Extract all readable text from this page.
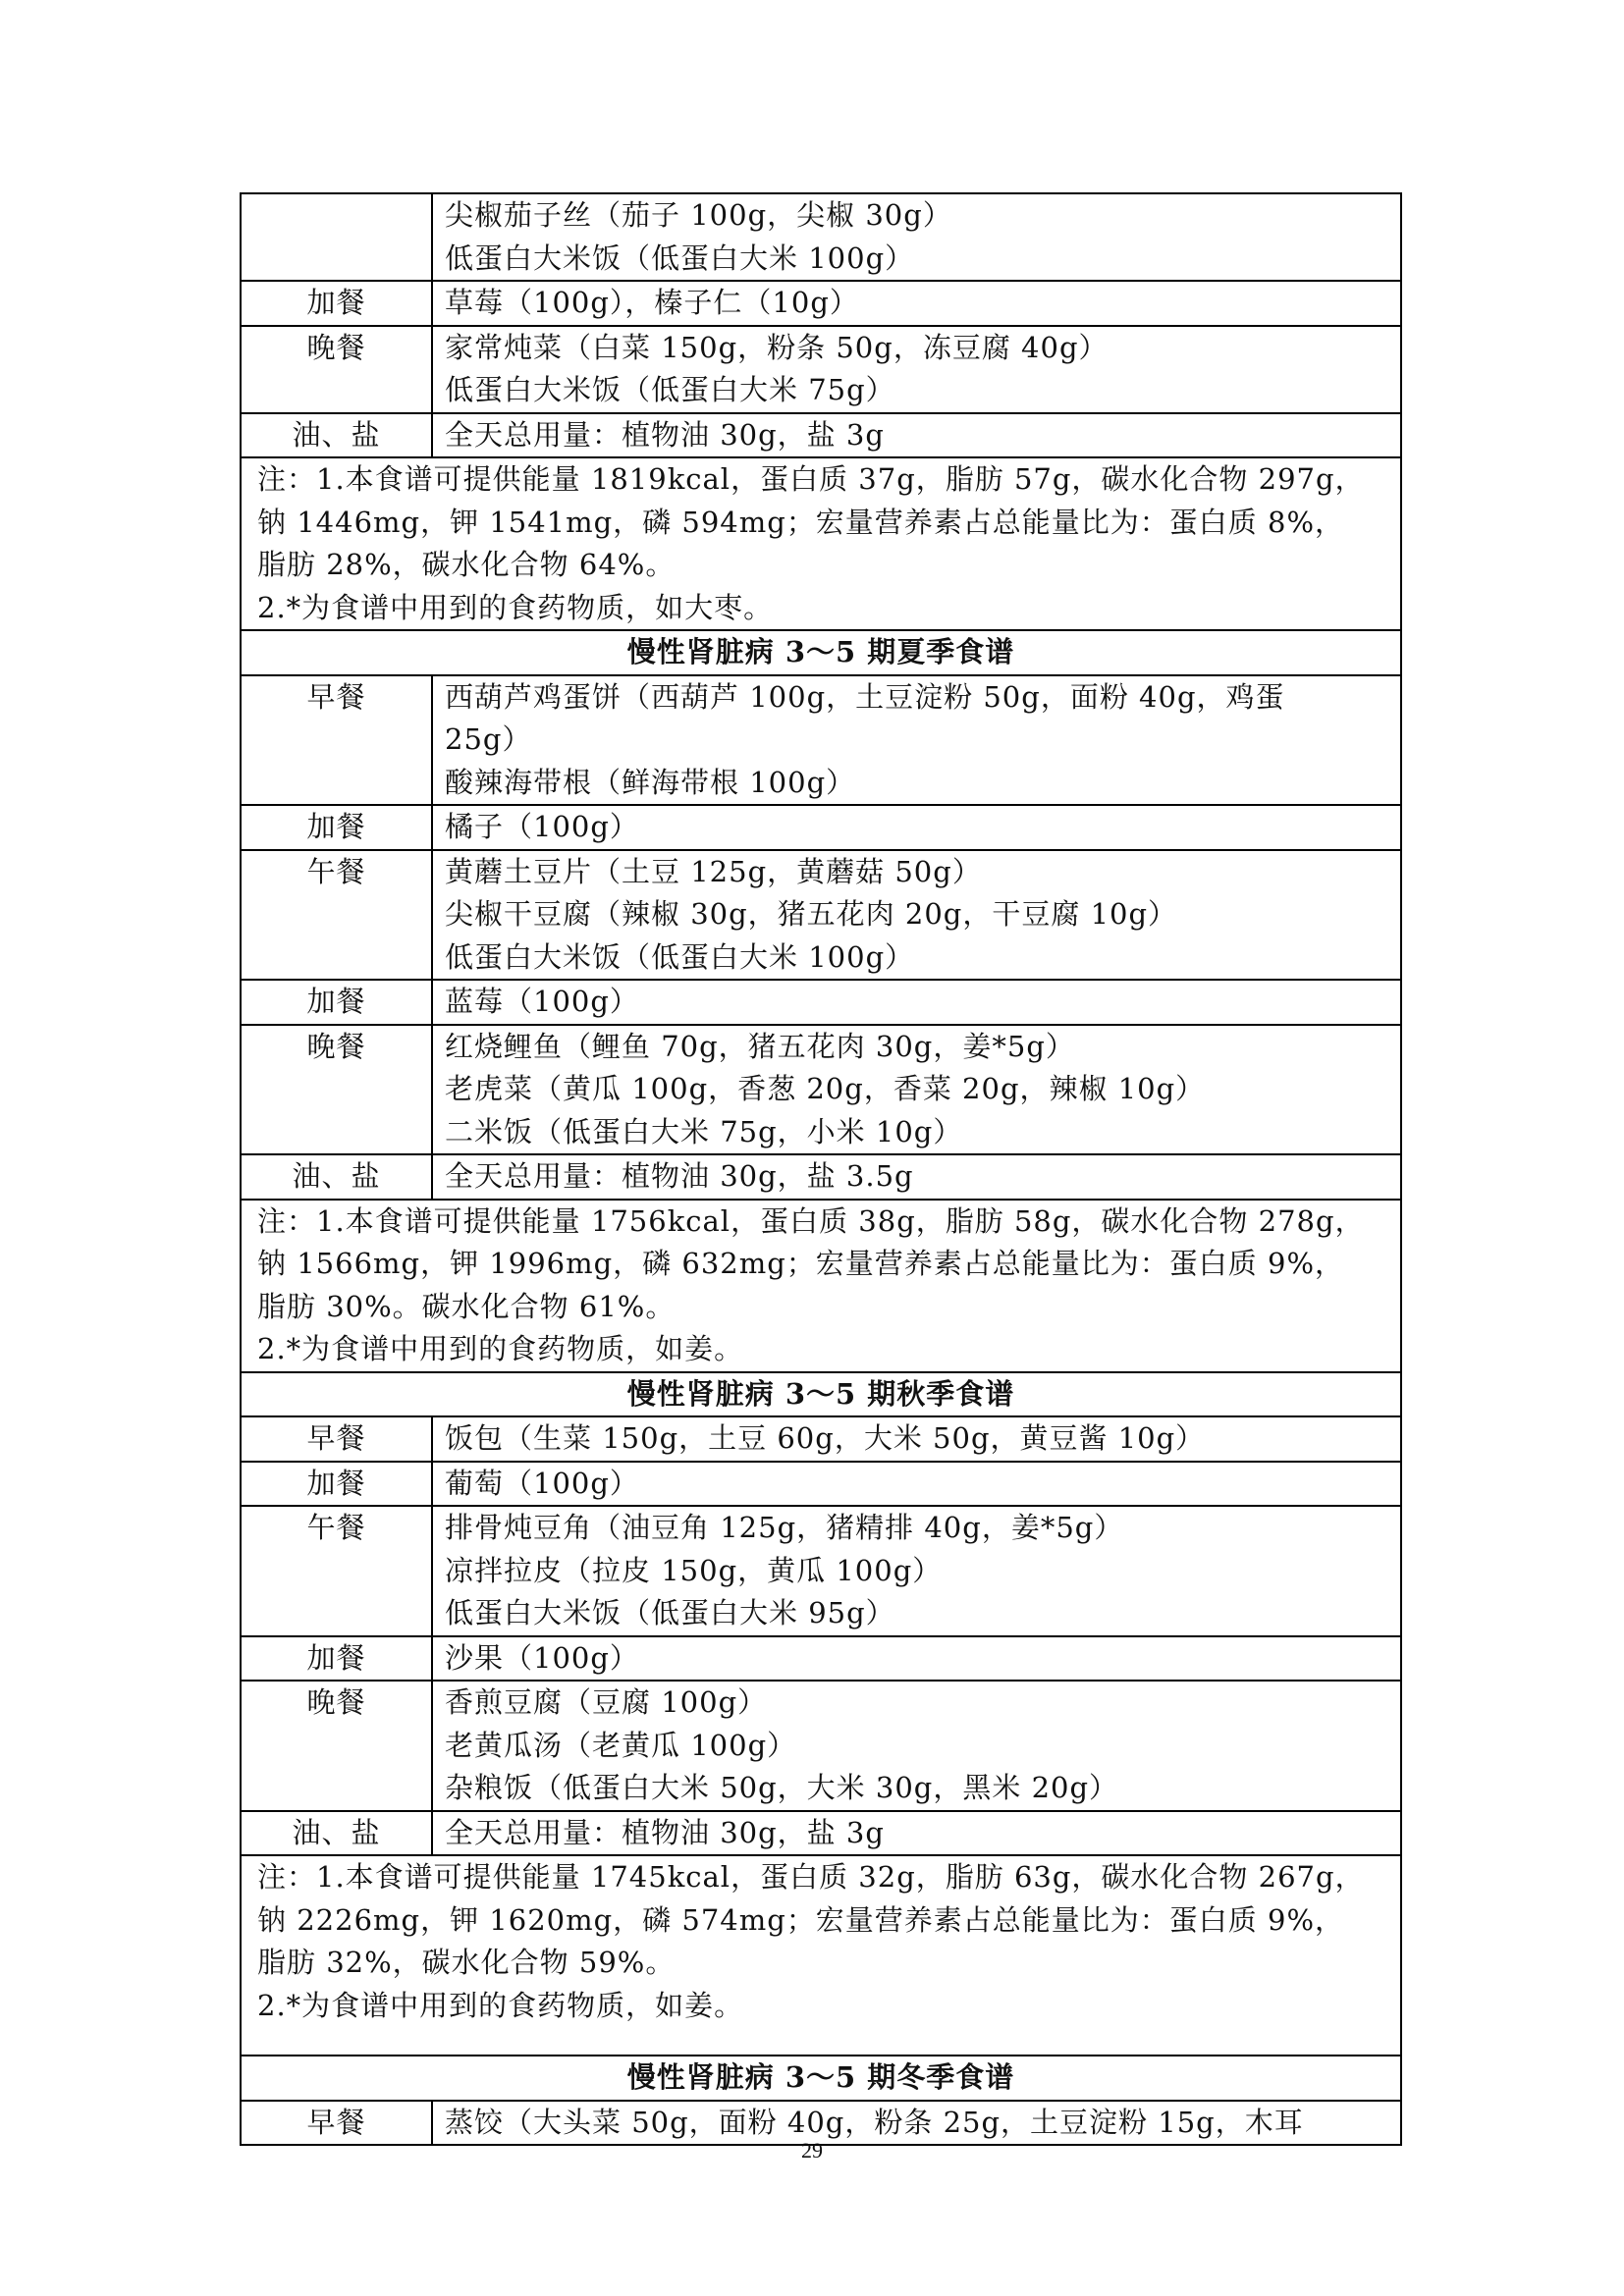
	尖椒茄子丝（茄子 100g，尖椒 30g）
低蛋白大米饭（低蛋白大米 100g）

加餐	草莓（100g），榛子仁（10g）

晚餐	家常炖菜（白菜 150g，粉条 50g，冻豆腐 40g）
低蛋白大米饭（低蛋白大米 75g）

油、盐	全天总用量：植物油 30g，盐 3g

注：1.本食谱可提供能量 1819kcal，蛋白质 37g，脂肪 57g，碳水化合物 297g，
钠 1446mg，钾 1541mg，磷 594mg；宏量营养素占总能量比为：蛋白质 8%，
脂肪 28%，碳水化合物 64%。
2.*为食谱中用到的食药物质，如大枣。	

慢性肾脏病 3～5 期夏季食谱	
早餐	西葫芦鸡蛋饼（西葫芦 100g，土豆淀粉 50g，面粉 40g，鸡蛋
25g）
酸辣海带根（鲜海带根 100g）

加餐	橘子（100g）

午餐	黄蘑土豆片（土豆 125g，黄蘑菇 50g）
尖椒干豆腐（辣椒 30g，猪五花肉 20g，干豆腐 10g）
低蛋白大米饭（低蛋白大米 100g）

加餐	蓝莓（100g）

晚餐	红烧鲤鱼（鲤鱼 70g，猪五花肉 30g，姜*5g）
老虎菜（黄瓜 100g，香葱 20g，香菜 20g，辣椒 10g）
二米饭（低蛋白大米 75g，小米 10g）

油、盐	全天总用量：植物油 30g，盐 3.5g

注：1.本食谱可提供能量 1756kcal，蛋白质 38g，脂肪 58g，碳水化合物 278g，
钠 1566mg，钾 1996mg，磷 632mg；宏量营养素占总能量比为：蛋白质 9%，
脂肪 30%。碳水化合物 61%。
2.*为食谱中用到的食药物质，如姜。	

慢性肾脏病 3～5 期秋季食谱	
早餐	饭包（生菜 150g，土豆 60g，大米 50g，黄豆酱 10g）

加餐	葡萄（100g）

午餐	排骨炖豆角（油豆角 125g，猪精排 40g，姜*5g）
凉拌拉皮（拉皮 150g，黄瓜 100g）
低蛋白大米饭（低蛋白大米 95g）

加餐	沙果（100g）

晚餐	香煎豆腐（豆腐 100g）
老黄瓜汤（老黄瓜 100g）
杂粮饭（低蛋白大米 50g，大米 30g，黑米 20g）

油、盐	全天总用量：植物油 30g，盐 3g

注：1.本食谱可提供能量 1745kcal，蛋白质 32g，脂肪 63g，碳水化合物 267g，
钠 2226mg，钾 1620mg，磷 574mg；宏量营养素占总能量比为：蛋白质 9%，
脂肪 32%，碳水化合物 59%。
2.*为食谱中用到的食药物质，如姜。	

慢性肾脏病 3～5 期冬季食谱	
早餐	蒸饺（大头菜 50g，面粉 40g，粉条 25g，土豆淀粉 15g，木耳
29
